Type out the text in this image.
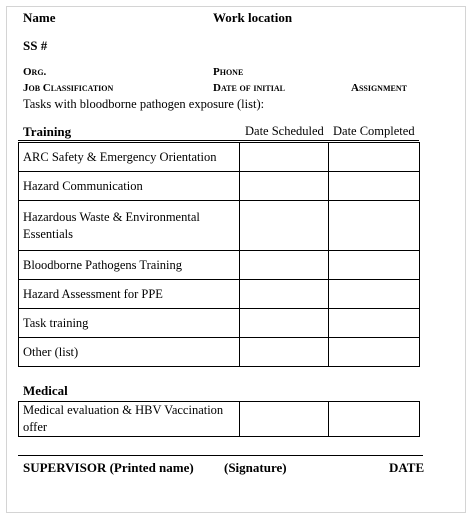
Name	Work location
SS #
Org.	Phone
Job Classification	Date of initial	Assignment
Tasks with bloodborne pathogen exposure (list):
Training	Date Scheduled Date Completed
ARC Safety & Emergency Orientation		
Hazard Communication		

Hazardous Waste & Environmental
Essentials		

Bloodborne Pathogens Training		
Hazard Assessment for PPE		
Task training		
Other (list)		
Medical
Medical evaluation & HBV Vaccination offer		
SUPERVISOR (Printed name) (Signature)	DATE
